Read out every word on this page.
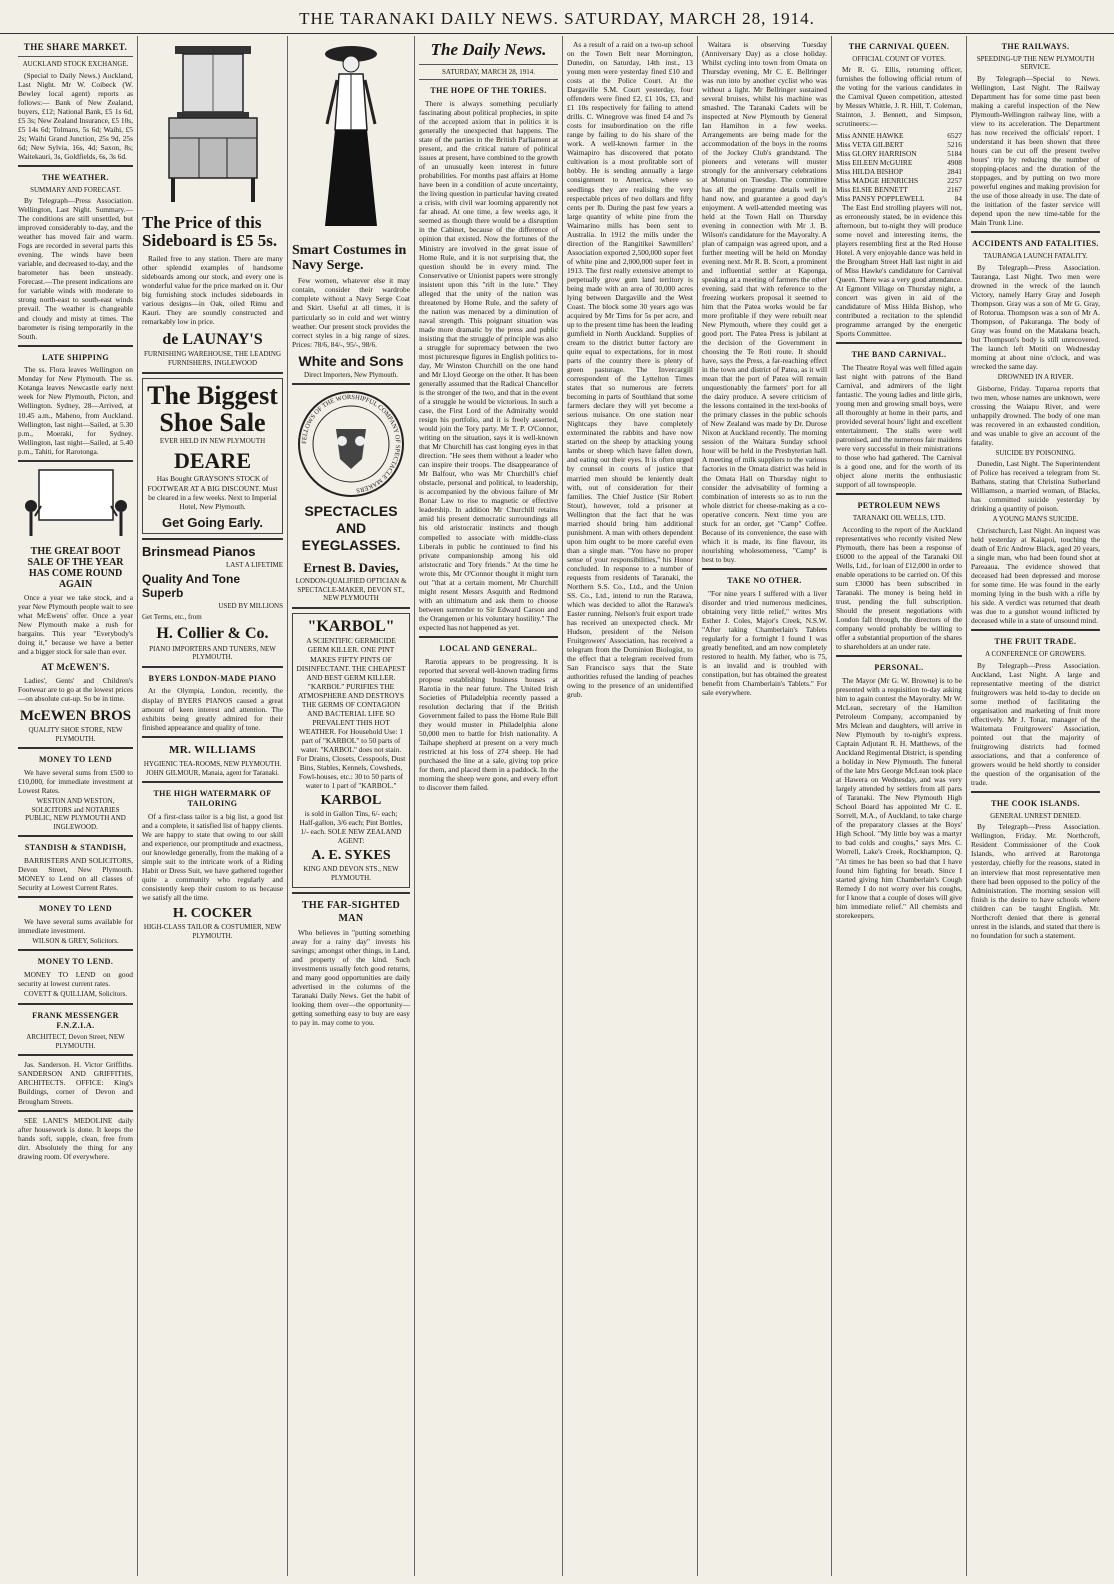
THE TARANAKI DAILY NEWS. SATURDAY, MARCH 28, 1914.
THE SHARE MARKET.
AUCKLAND STOCK EXCHANGE.

(Special to Daily News.) Auckland, Last Night. Mr W. Coibeck (W. Bewley local agent) reports as follows:— Bank of New Zealand, buyers, £12; National Bank, £5 1s 6d, £5 3s; New Zealand Insurance, £5 10s, £5 14s 6d; Tolmans, 5s 6d; Waihi, £5 2s; Waihi Grand Junction, 25s 9d, 25s 6d; New Sylvia, 16s, 4d; Saxon, 8s; Waitekauri, 3s, Goldfields, 6s, 3s 6d.

THE WEATHER.
SUMMARY AND FORECAST.

By Telegraph—Press Association. Wellington, Last Night. Summary.—The conditions are still unsettled, but improved considerably to-day, and the weather has moved fair and warm. Fogs are recorded in several parts this evening. The winds have been variable, and decreased to-day, and the barometer has been unsteady. Forecast.—The present indications are for variable winds with moderate to strong north-east to south-east winds prevail. The weather is changeable and cloudy and misty at times. The barometer is rising temporarily in the South.

LATE SHIPPING

The ss. Flora leaves Wellington on Monday for New Plymouth. The ss. Kotanga leaves Newcastle early next week for New Plymouth, Picton, and Wellington. Sydney, 28—Arrived, at 10.45 a.m., Maheno, from Auckland. Wellington, last night—Sailed, at 5.30 p.m., Moeraki, for Sydney. Wellington, last night—Sailed, at 5.40 p.m., Tahiti, for Rarotonga.

THE GREAT BOOT SALE OF THE YEAR HAS COME ROUND AGAIN

Once a year we take stock, and a year New Plymouth people wait to see what McEwens' offer. Once a year New Plymouth make a rush for bargains. This year "Everybody's doing it," because we have a better and a bigger stock for sale than ever.

AT McEWEN'S.

Ladies', Gents' and Children's Footwear are to go at the lowest prices—on absolute cut-up. So be in time.

McEWEN BROS
QUALITY SHOE STORE, NEW PLYMOUTH.
MONEY TO LEND

We have several sums from £500 to £10,000, for immediate investment at Lowest Rates.

WESTON AND WESTON, SOLICITORS and NOTARIES PUBLIC, NEW PLYMOUTH AND INGLEWOOD.
STANDISH & STANDISH,

BARRISTERS AND SOLICITORS, Devon Street, New Plymouth. MONEY to Lend on all classes of Security at Lowest Current Rates.

MONEY TO LEND

We have several sums available for immediate investment.

WILSON & GREY, Solicitors.
MONEY TO LEND.

MONEY TO LEND on good security at lowest current rates.

COVETT & QUILLIAM, Solicitors.
FRANK MESSENGER F.N.Z.I.A.
ARCHITECT, Devon Street, NEW PLYMOUTH.

Jas. Sanderson. H. Victor Griffiths. SANDERSON AND GRIFFITHS, ARCHITECTS. OFFICE: King's Buildings, corner of Devon and Brougham Streets.

SEE LANE'S MEDOLINE daily after housework is done. It keeps the hands soft, supple, clean, free from dirt. Absolutely the thing for any drawing room. Of everywhere.

The Price of this Sideboard is £5 5s.

Railed free to any station. There are many other splendid examples of handsome sideboards among our stock, and every one is wonderful value for the price marked on it. Our big furnishing stock includes sideboards in various designs—in Oak, oiled Rimu and Kauri. They are soundly constructed and remarkably low in price.

de LAUNAY'S
FURNISHING WAREHOUSE, THE LEADING FURNISHERS, INGLEWOOD
The Biggest Shoe Sale
EVER HELD IN NEW PLYMOUTH
DEARE

Has Bought GRAYSON'S STOCK of FOOTWEAR AT A BIG DISCOUNT. Must be cleared in a few weeks. Next to Imperial Hotel, New Plymouth.

Get Going Early.
Brinsmead Pianos
LAST A LIFETIME
Quality And Tone Superb
USED BY MILLIONS
Get Terms, etc., from
H. Collier & Co.
PIANO IMPORTERS AND TUNERS, NEW PLYMOUTH.
BYERS LONDON-MADE PIANO

At the Olympia, London, recently, the display of BYERS PIANOS caused a great amount of keen interest and attention. The exhibits being greatly admired for their finished appearance and quality of tone.

MR. WILLIAMS
HYGIENIC TEA-ROOMS, NEW PLYMOUTH. JOHN GILMOUR, Manaia, agent for Taranaki.
THE HIGH WATERMARK OF TAILORING

Of a first-class tailor is a big list, a good list and a complete, it satisfied list of happy clients. We are happy to state that owing to our skill and experience, our promptitude and exactness, our knowledge generally, from the making of a simple suit to the intricate work of a Riding Habit or Dress Suit, we have gathered together quite a community who regularly and consistently keep their custom to us because we satisfy all the time.

H. COCKER
HIGH-CLASS TAILOR & COSTUMIER, NEW PLYMOUTH.
Smart Costumes in Navy Serge.

Few women, whatever else it may contain, consider their wardrobe complete without a Navy Serge Coat and Skirt. Useful at all times, it is particularly so in cold and wet wintry weather. Our present stock provides the correct styles in a big range of sizes. Prices: 78/6, 84/-, 95/-, 98/6.

White and Sons
Direct Importers, New Plymouth.
FELLOWS OF THE WORSHIPFUL COMPANY OF SPECTACLE MAKERS
SPECTACLES AND EYEGLASSES.
Ernest B. Davies,
LONDON-QUALIFIED OPTICIAN & SPECTACLE-MAKER, DEVON ST., NEW PLYMOUTH
"KARBOL"

A SCIENTIFIC GERMICIDE GERM KILLER. ONE PINT MAKES FIFTY PINTS OF DISINFECTANT. THE CHEAPEST AND BEST GERM KILLER. "KARBOL" PURIFIES THE ATMOSPHERE AND DESTROYS THE GERMS OF CONTAGION AND BACTERIAL LIFE SO PREVALENT THIS HOT WEATHER. For Household Use: 1 part of "KARBOL" to 50 parts of water. "KARBOL" does not stain. For Drains, Closets, Cesspools, Dust Bins, Stables, Kennels, Cowsheds, Fowl-houses, etc.: 30 to 50 parts of water to 1 part of "KARBOL."

KARBOL

is sold in Gallon Tins, 6/- each; Half-gallon, 3/6 each; Pint Bottles, 1/- each. SOLE NEW ZEALAND AGENT:

A. E. SYKES
KING AND DEVON STS., NEW PLYMOUTH.
THE FAR-SIGHTED MAN

Who believes in "putting something away for a rainy day" invests his savings; amongst other things, in Land, and property of the kind. Such investments usually fetch good returns, and many good opportunities are daily advertised in the columns of the Taranaki Daily News. Get the habit of looking them over—the opportunity—getting something easy to buy are easy to pay in. may come to you.

The Daily News.
SATURDAY, MARCH 28, 1914.
THE HOPE OF THE TORIES.

There is always something peculiarly fascinating about political prophecies, in spite of the accepted axiom that in politics it is generally the unexpected that happens. The state of the parties in the British Parliament at present, and the critical nature of political issues at present, have combined to the growth of an unusually keen interest in future probabilities. For months past affairs at Home have been in a condition of acute uncertainty, the living question in particular having created a crisis, with civil war looming apparently not far ahead. At one time, a few weeks ago, it seemed as though there would be a disruption in the Cabinet, because of the difference of opinion that existed. Now the fortunes of the Ministry are involved in the great issue of Home Rule, and it is not surprising that, the question should be in every mind. The Conservative or Unionist papers were strongly insistent upon this "rift in the lute." They alleged that the unity of the nation was threatened by Home Rule, and the safety of the nation was menaced by a diminution of naval strength. This poignant situation was made more dramatic by the press and public insisting that the struggle of principle was also a struggle for supremacy between the two most picturesque figures in English politics to-day, Mr Winston Churchill on the one hand and Mr Lloyd George on the other. It has been generally assumed that the Radical Chancellor is the stronger of the two, and that in the event of a struggle he would be victorious. In such a case, the First Lord of the Admiralty would resign his portfolio, and it is freely asserted, would join the Tory party. Mr T. P. O'Connor, writing on the situation, says it is well-known that Mr Churchill has cast longing eyes in that direction. "He sees them without a leader who can inspire their troops. The disappearance of Mr Balfour, who was Mr Churchill's chief obstacle, personal and political, to leadership, is accompanied by the obvious failure of Mr Bonar Law to rise to magnetic or effective leadership. In addition Mr Churchill retains amid his present democratic surroundings all his old aristocratic instincts and though compelled to associate with middle-class Liberals in public he continued to find his private companionship among his old aristocratic and Tory friends." At the time he wrote this, Mr O'Connor thought it might turn out "that at a certain moment, Mr Churchill might resent Messrs Asquith and Redmond with an ultimatum and ask them to choose between surrender to Sir Edward Carson and the Orangemen or his voluntary hostility." The expected has not happened as yet.

LOCAL AND GENERAL.

Rarotia appears to be progressing. It is reported that several well-known trading firms propose establishing business houses at Rarotia in the near future. The United Irish Societies of Philadelphia recently passed a resolution declaring that if the British Government failed to pass the Home Rule Bill they would muster in Philadelphia alone 50,000 men to battle for Irish nationality. A Taihape shepherd at present on a very much restricted at his loss of 274 sheep. He had purchased the line at a sale, giving top price for them, and placed them in a paddock. In the morning the sheep were gone, and every effort to discover them failed.

As a result of a raid on a two-up school on the Town Belt near Mornington, Dunedin, on Saturday, 14th inst., 13 young men were yesterday fined £10 and costs at the Police Court. At the Dargaville S.M. Court yesterday, four offenders were fined £2, £1 10s, £3, and £1 10s respectively for failing to attend drills. C. Winegrove was fined £4 and 7s costs for insubordination on the rifle range by failing to do his share of the work. A well-known farmer in the Waimapiro has discovered that potato cultivation is a most profitable sort of hobby. He is sending annually a large consignment to America, where so seedlings they are realising the very respectable prices of two dollars and fifty cents per lb. During the past few years a large quantity of white pine from the Waimarino mills has been sent to Australia. In 1912 the mills under the direction of the Rangitikei Sawmillers' Association exported 2,500,000 super feet of white pine and 2,000,000 super feet in 1913. The first really extensive attempt to perpetually grow gum land territory is being made with an area of 30,000 acres lying between Dargaville and the West Coast. The block some 30 years ago was acquired by Mr Tims for 5s per acre, and up to the present time has been the leading gumfield in North Auckland. Supplies of cream to the district butter factory are quite equal to expectations, for in most parts of the country there is plenty of green pasturage. The Invercargill correspondent of the Lyttelton Times states that so numerous are ferrets becoming in parts of Southland that some farmers declare they will yet become a serious nuisance. On one station near Nightcaps they have completely exterminated the rabbits and have now started on the sheep by attacking young lambs or sheep which have fallen down, and eating out their eyes. It is often urged by counsel in courts of justice that married men should be leniently dealt with, out of consideration for their families. The Chief Justice (Sir Robert Stout), however, told a prisoner at Wellington that the fact that he was married should bring him additional punishment. A man with others dependent upon him ought to be more careful even than a single man. "You have no proper sense of your responsibilities," his Honor concluded. In response to a number of requests from residents of Taranaki, the Northern S.S. Co., Ltd., and the Union SS. Co., Ltd., intend to run the Rarawa, which was decided to allot the Rarawa's Easter running. Nelson's fruit export trade has received an unexpected check. Mr Hudson, president of the Nelson Fruitgrowers' Association, has received a telegram from the Dominion Biologist, to the effect that a telegram received from San Francisco says that the State authorities refused the landing of peaches owing to the presence of an unidentified grub.

Waitara is observing Tuesday (Anniversary Day) as a close holiday. Whilst cycling into town from Omata on Thursday evening, Mr C. E. Bellringer was run into by another cyclist who was without a light. Mr Bellringer sustained several bruises, whilst his machine was smashed. The Taranaki Cadets will be inspected at New Plymouth by General Ian Hamilton in a few weeks. Arrangements are being made for the accommodation of the boys in the rooms of the Jockey Club's grandstand. The pioneers and veterans will muster strongly for the anniversary celebrations at Motunui on Tuesday. The committee has all the programme details well in hand now, and guarantee a good day's enjoyment. A well-attended meeting was held at the Town Hall on Thursday evening in connection with Mr J. B. Wilson's candidature for the Mayoralty. A plan of campaign was agreed upon, and a further meeting will be held on Monday evening next. Mr R. B. Scott, a prominent and influential settler at Kaponga, speaking at a meeting of farmers the other evening, said that with reference to the freezing workers proposal it seemed to him that the Patea works would be far more profitable if they were rebuilt near New Plymouth, where they could get a good port. The Patea Press is jubilant at the decision of the Government in choosing the Te Roti route. It should have, says the Press, a far-reaching effect in the town and district of Patea, as it will mean that the port of Patea will remain unquestionably the farmers' port for all the dairy produce. A severe criticism of the lessons contained in the text-books of the primary classes in the public schools of New Zealand was made by Dr. Durose Nixon at Auckland recently. The morning session of the Waitara Sunday school hour will be held in the Presbyterian hall. A meeting of milk suppliers to the various factories in the Omata district was held in the Omata Hall on Thursday night to consider the advisability of forming a combination of interests so as to run the whole district for cheese-making as a co-operative concern. Next time you are stuck for an order, get "Camp" Coffee. Because of its convenience, the ease with which it is made, its fine flavour, its nourishing wholesomeness, "Camp" is best to buy.

TAKE NO OTHER.

"For nine years I suffered with a liver disorder and tried numerous medicines, obtaining very little relief," writes Mrs Esther J. Coles, Major's Creek, N.S.W. "After taking Chamberlain's Tablets regularly for a fortnight I found I was greatly benefited, and am now completely restored to health. My father, who is 75, is an invalid and is troubled with constipation, but has obtained the greatest benefit from Chamberlain's Tablets." For sale everywhere.

THE CARNIVAL QUEEN.
OFFICIAL COUNT OF VOTES.

Mr R. G. Ellis, returning officer, furnishes the following official return of the voting for the various candidates in the Carnival Queen competition, attested by Messrs Whittle, J. R. Hill, T. Coleman, Stainton, J. Bennett, and Simpson, scrutineers:—

Miss ANNIE HAWKE	6527
Miss VETA GILBERT	5216
Miss GLORY HARRISON	5184
Miss EILEEN McGUIRE	4908
Miss HILDA BISHOP	2841
Miss MADGE HENRICHS	2257
Miss ELSIE BENNETT	2167
Miss PANSY POPPLEWELL	84

The East End strolling players will not, as erroneously stated, be in evidence this afternoon, but to-night they will produce some novel and interesting items, the players resembling first at the Red House Hotel. A very enjoyable dance was held in the Brougham Street Hall last night in aid of Miss Hawke's candidature for Carnival Queen. There was a very good attendance. At Egmont Village on Thursday night, a concert was given in aid of the candidature of Miss Hilda Bishop, who contributed a recitation to the splendid programme arranged by the energetic Sports Committee.

THE BAND CARNIVAL.

The Theatre Royal was well filled again last night with patrons of the Band Carnival, and admirers of the light fantastic. The young ladies and little girls, young men and growing small boys, were all thoroughly at home in their parts, and provided several hours' light and excellent entertainment. The stalls were well patronised, and the numerous fair maidens were very successful in their ministrations to those who had gathered. The Carnival is a good one, and for the worth of its object alone merits the enthusiastic support of all townspeople.

PETROLEUM NEWS
TARANAKI OIL WELLS, LTD.

According to the report of the Auckland representatives who recently visited New Plymouth, there has been a response of £6000 to the appeal of the Taranaki Oil Wells, Ltd., for loan of £12,000 in order to enable operations to be carried on. Of this sum £3000 has been subscribed in Taranaki. The money is being held in trust, pending the full subscription. Should the present negotiations with London fall through, the directors of the company would probably be willing to offer a substantial proportion of the shares to shareholders at an under rate.

PERSONAL.

The Mayor (Mr G. W. Browne) is to be presented with a requisition to-day asking him to again contest the Mayoralty. Mr W. McLean, secretary of the Hamilton Petroleum Company, accompanied by Mrs Mclean and daughters, will arrive in New Plymouth by to-night's express. Captain Adjutant R. H. Matthews, of the Auckland Regimental District, is spending a holiday in New Plymouth. The funeral of the late Mrs George McLean took place at Hawera on Wednesday, and was very largely attended by settlers from all parts of Taranaki. The New Plymouth High School Board has appointed Mr C. E. Sorrell, M.A., of Auckland, to take charge of the preparatory classes at the Boys' High School. "My little boy was a martyr to bad colds and coughs," says Mrs. C. Worrell, Lake's Creek, Rockhampton, Q. "At times he has been so bad that I have found him fighting for breath. Since I started giving him Chamberlain's Cough Remedy I do not worry over his coughs, for I know that a couple of doses will give him immediate relief." All chemists and storekeepers.

THE RAILWAYS.
SPEEDING-UP THE NEW PLYMOUTH SERVICE.

By Telegraph—Special to News. Wellington, Last Night. The Railway Department has for some time past been making a careful inspection of the New Plymouth-Wellington railway line, with a view to its acceleration. The Department has now received the officials' report. I understand it has been shown that three hours can be cut off the present twelve hours' trip by reducing the number of stopping-places and the duration of the stoppages, and by putting on two more powerful engines and making provision for the use of those already in use. The date of the initiation of the faster service will depend upon the new time-table for the Main Trunk Line.

ACCIDENTS AND FATALITIES.
TAURANGA LAUNCH FATALITY.

By Telegraph—Press Association. Tauranga, Last Night. Two men were drowned in the wreck of the launch Victory, namely Harry Gray and Joseph Thompson. Gray was a son of Mr G. Gray, of Rotorua. Thompson was a son of Mr A. Thompson, of Pakuranga. The body of Gray was found on the Matakana beach, but Thompson's body is still unrecovered. The launch left Motiti on Wednesday morning at about nine o'clock, and was wrecked the same day.

DROWNED IN A RIVER.

Gisborne, Friday. Tuparoa reports that two men, whose names are unknown, were crossing the Waiapu River, and were unhappily drowned. The body of one man was recovered in an exhausted condition, and was unable to give an account of the fatality.

SUICIDE BY POISONING.

Dunedin, Last Night. The Superintendent of Police has received a telegram from St. Bathans, stating that Christina Sutherland Williamson, a married woman, of Blacks, has committed suicide yesterday by drinking a quantity of poison.

A YOUNG MAN'S SUICIDE.

Christchurch, Last Night. An inquest was held yesterday at Kaiapoi, touching the death of Eric Andrew Black, aged 20 years, a single man, who had been found shot at Pareaaua. The evidence showed that deceased had been depressed and morose for some time. He was found in the early morning lying in the bush with a rifle by his side. A verdict was returned that death was due to a gunshot wound inflicted by deceased while in a state of unsound mind.

THE FRUIT TRADE.
A CONFERENCE OF GROWERS.

By Telegraph—Press Association. Auckland, Last Night. A large and representative meeting of the district fruitgrowers was held to-day to decide on some method of facilitating the organisation and marketing of fruit more effectively. Mr J. Tonar, manager of the Waitemata Fruitgrowers' Association, pointed out that the majority of fruitgrowing districts had formed associations, and that a conference of growers would be held shortly to consider the question of the organisation of the trade.

THE COOK ISLANDS.
GENERAL UNREST DENIED.

By Telegraph—Press Association. Wellington, Friday. Mr. Northcroft, Resident Commissioner of the Cook Islands, who arrived at Rarotonga yesterday, chiefly for the reasons, stated in an interview that most representative men there had been opposed to the policy of the Administration. The morning session will finish is the desire to have schools where children can be taught English. Mr. Northcroft denied that there is general unrest in the islands, and stated that there is no foundation for such a statement.
